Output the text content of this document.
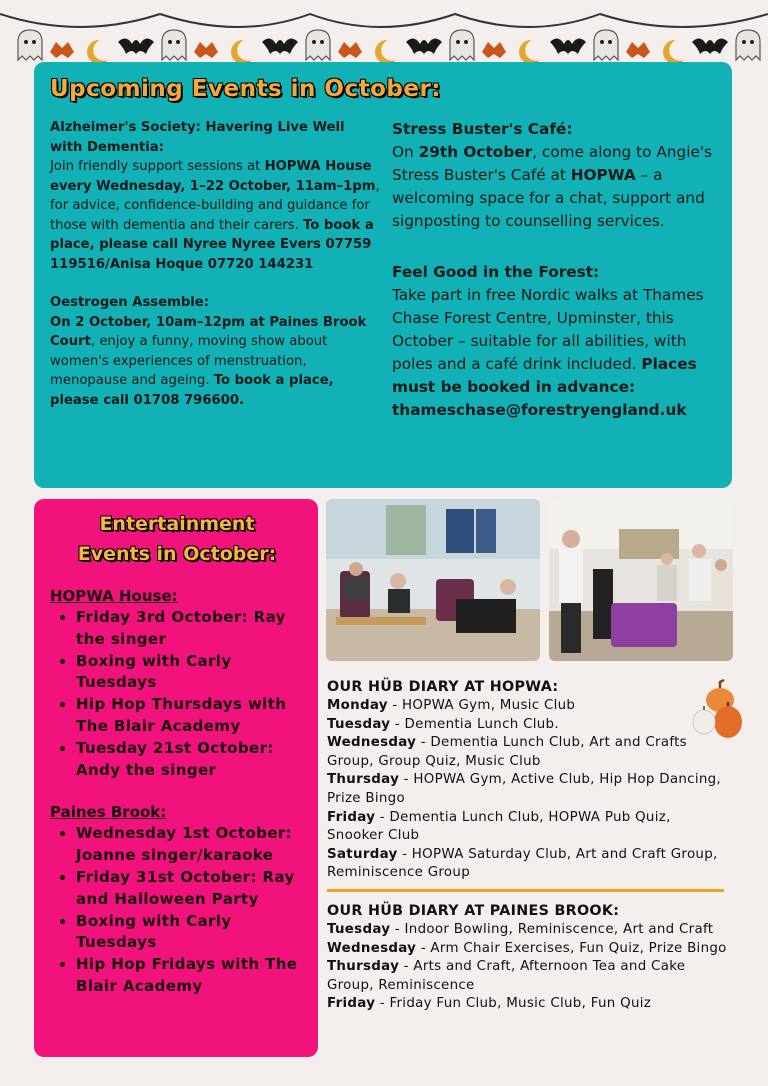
Upcoming Events in October:
Alzheimer's Society: Havering Live Well with Dementia:
Join friendly support sessions at HOPWA House every Wednesday, 1–22 October, 11am–1pm, for advice, confidence-building and guidance for those with dementia and their carers. To book a place, please call Nyree Nyree Evers 07759 119516/Anisa Hoque 07720 144231
Oestrogen Assemble:
On 2 October, 10am–12pm at Paines Brook Court, enjoy a funny, moving show about women's experiences of menstruation, menopause and ageing. To book a place, please call 01708 796600.
Stress Buster's Café:
On 29th October, come along to Angie's Stress Buster's Café at HOPWA – a welcoming space for a chat, support and signposting to counselling services.
Feel Good in the Forest:
Take part in free Nordic walks at Thames Chase Forest Centre, Upminster, this October – suitable for all abilities, with poles and a café drink included. Places must be booked in advance: thameschase@forestryengland.uk
Entertainment
Events in October:
HOPWA House:
• Friday 3rd October: Ray the singer
• Boxing with Carly Tuesdays
• Hip Hop Thursdays with The Blair Academy
• Tuesday 21st October: Andy the singer
Paines Brook:
• Wednesday 1st October: Joanne singer/karaoke
• Friday 31st October: Ray and Halloween Party
• Boxing with Carly Tuesdays
• Hip Hop Fridays with The Blair Academy
OUR HÜB DIARY AT HOPWA:
Monday - HOPWA Gym, Music Club
Tuesday - Dementia Lunch Club.
Wednesday - Dementia Lunch Club, Art and Crafts Group, Group Quiz, Music Club
Thursday - HOPWA Gym, Active Club, Hip Hop Dancing, Prize Bingo
Friday - Dementia Lunch Club, HOPWA Pub Quiz, Snooker Club
Saturday - HOPWA Saturday Club, Art and Craft Group, Reminiscence Group
OUR HÜB DIARY AT PAINES BROOK:
Tuesday - Indoor Bowling, Reminiscence, Art and Craft
Wednesday - Arm Chair Exercises, Fun Quiz, Prize Bingo
Thursday - Arts and Craft, Afternoon Tea and Cake Group, Reminiscence
Friday - Friday Fun Club, Music Club, Fun Quiz
